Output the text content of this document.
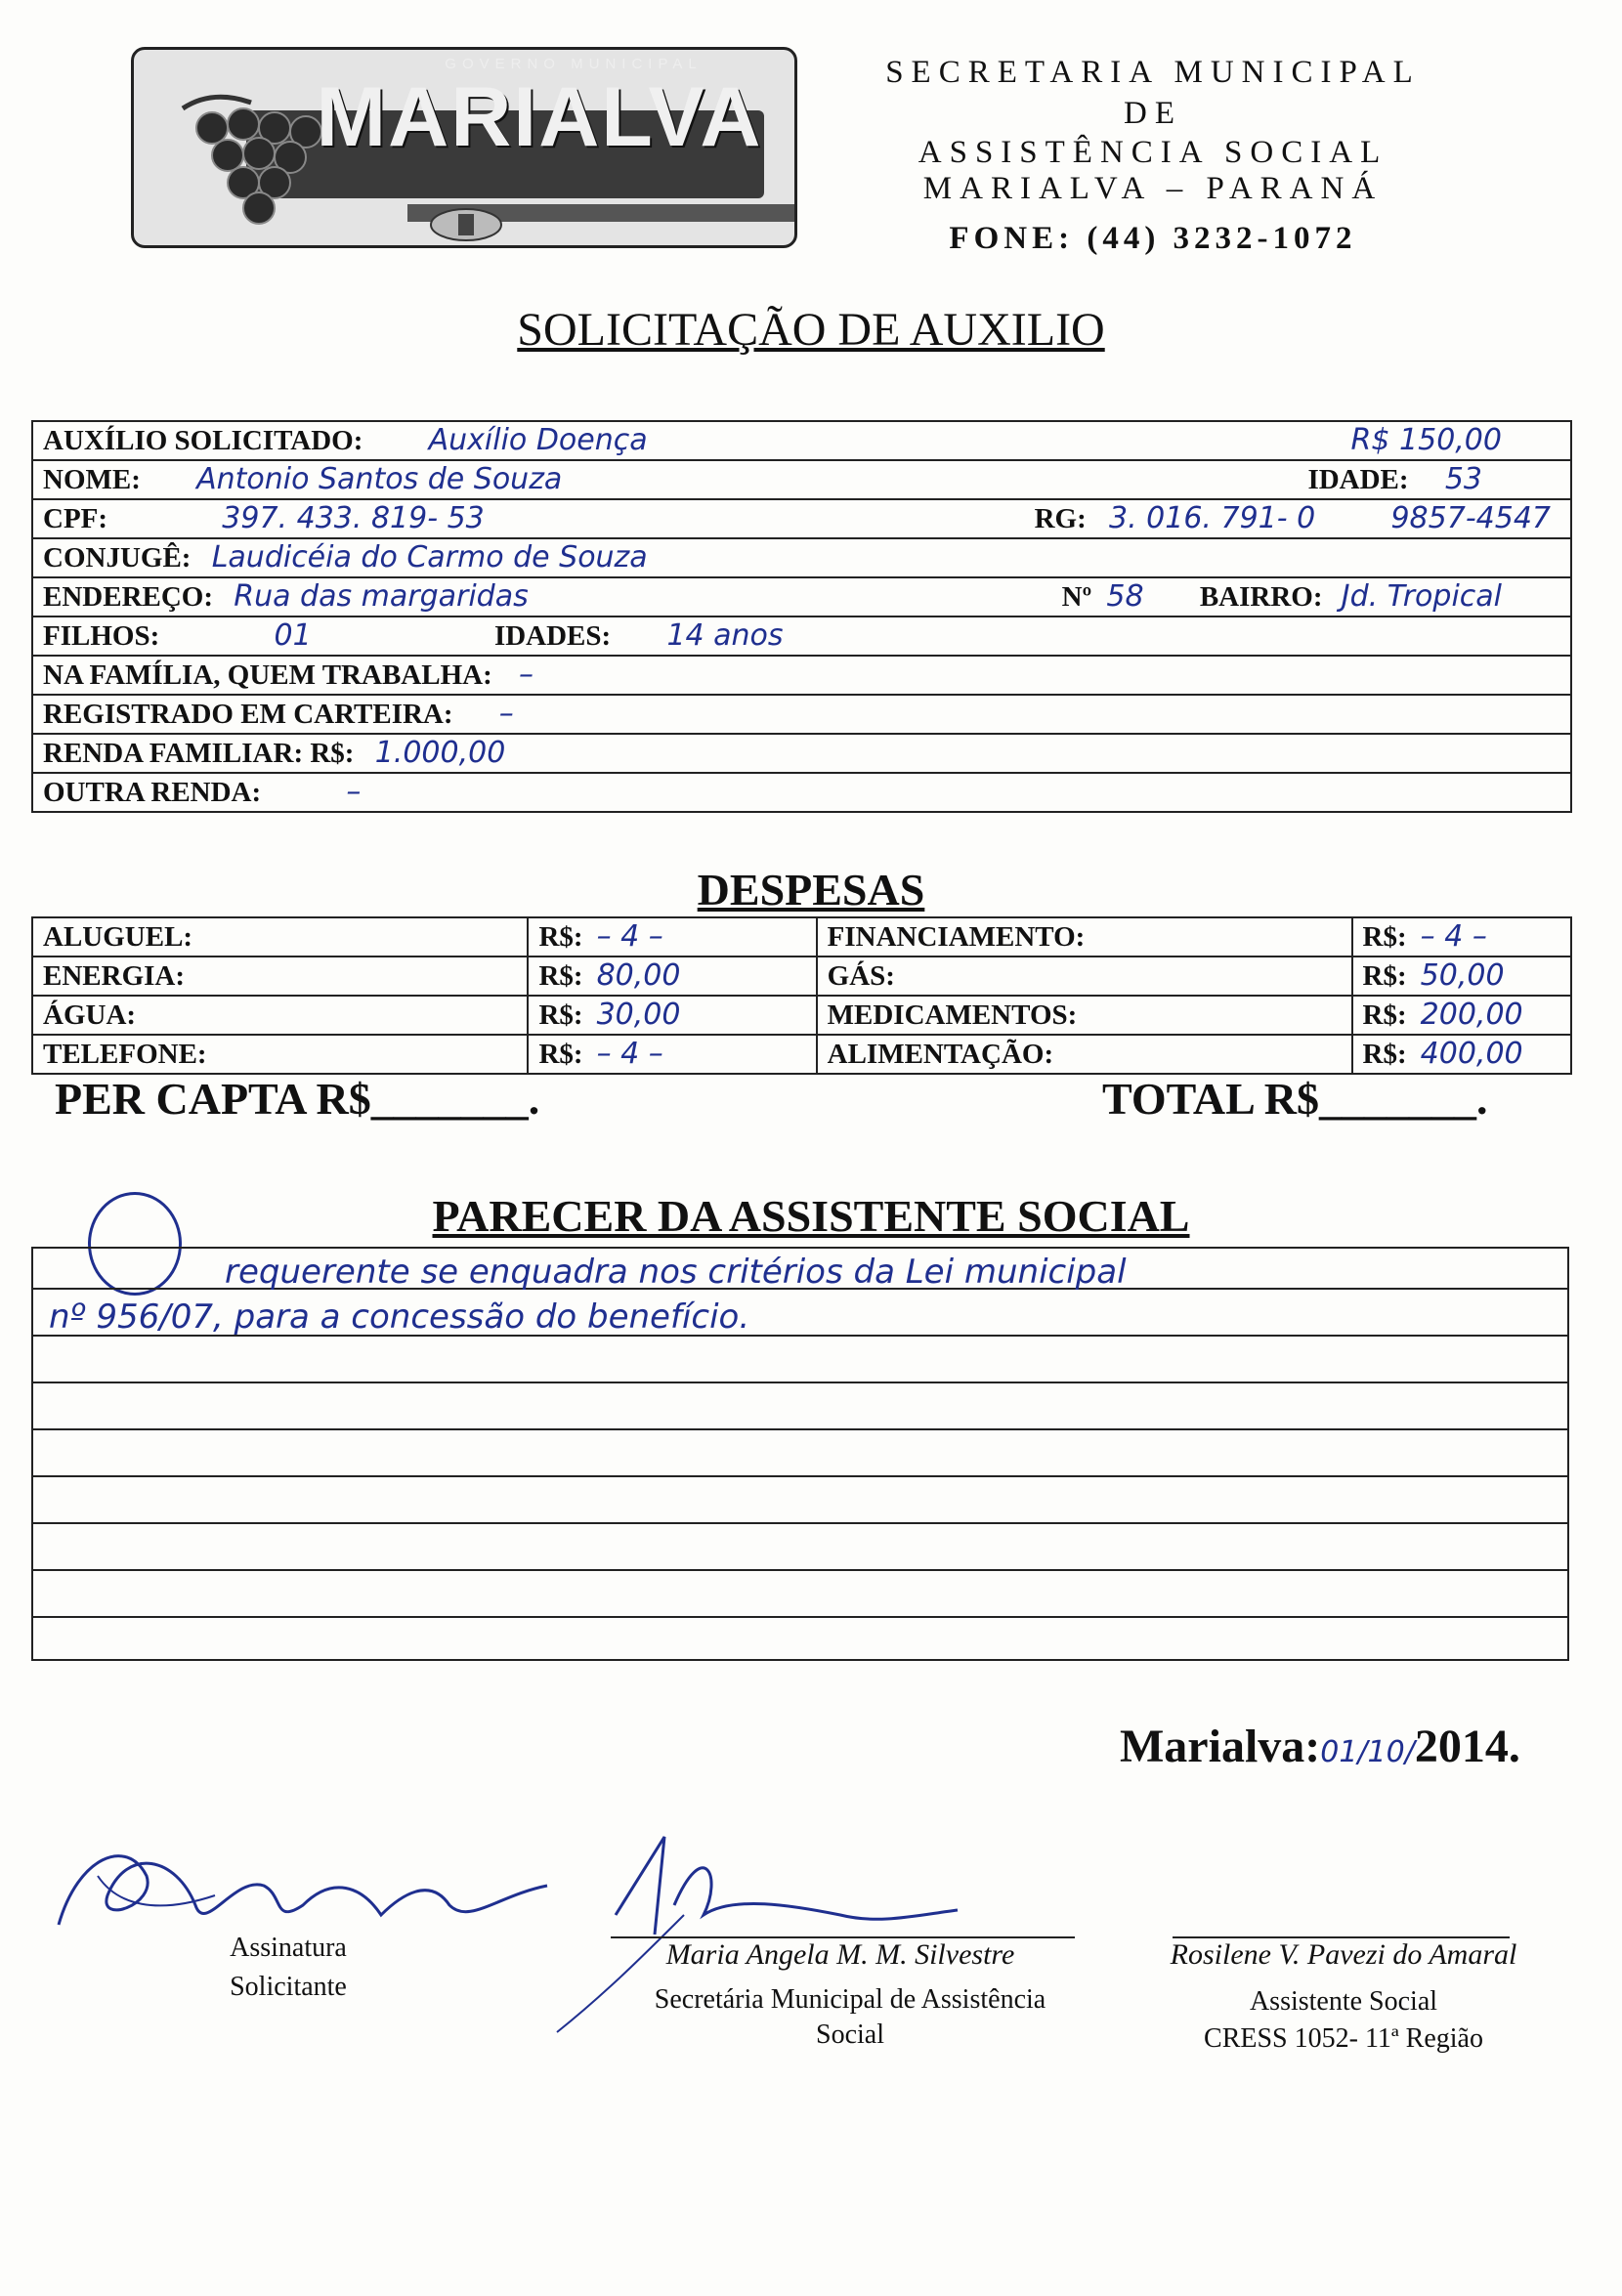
GOVERNO MUNICIPAL
MARIALVA	SECRETARIA MUNICIPAL
DE
ASSISTÊNCIA SOCIAL
MARIALVA – PARANÁ
FONE: (44) 3232-1072
SOLICITAÇÃO DE AUXILIO
AUXÍLIO SOLICITADO: Auxílio Doença	R$ 150,00

NOME: Antonio Santos de Souza	IDADE: 53

CPF:	397. 433. 819- 53	RG: 3. 016. 791- 0	9857-4547

CONJUGÊ: Laudicéia do Carmo de Souza
ENDEREÇO: Rua das margaridas	Nº 58 BAIRRO: Jd. Tropical

FILHOS:	01	IDADES: 14 anos
NA FAMÍLIA, QUEM TRABALHA: –
REGISTRADO EM CARTEIRA: –
RENDA FAMILIAR: R$: 1.000,00
OUTRA RENDA:	–
DESPESAS
ALUGUEL:	R$: – 4 –	FINANCIAMENTO:	R$: – 4 –
ENERGIA:	R$: 80,00	GÁS:	R$: 50,00
ÁGUA:	R$: 30,00	MEDICAMENTOS:	R$: 200,00
TELEFONE:	R$: – 4 –	ALIMENTAÇÃO:	R$: 400,00
PER CAPTA R$_______.	TOTAL R$_______.
PARECER DA ASSISTENTE SOCIAL
requerente se enquadra nos critérios da Lei municipal
nº 956/07, para a concessão do benefício.
Marialva:01/10/2014.
Assinatura
Solicitante
Maria Angela M. M. Silvestre
Secretária Municipal de Assistência
Social
Rosilene V. Pavezi do Amaral
Assistente Social
CRESS 1052- 11ª Região
